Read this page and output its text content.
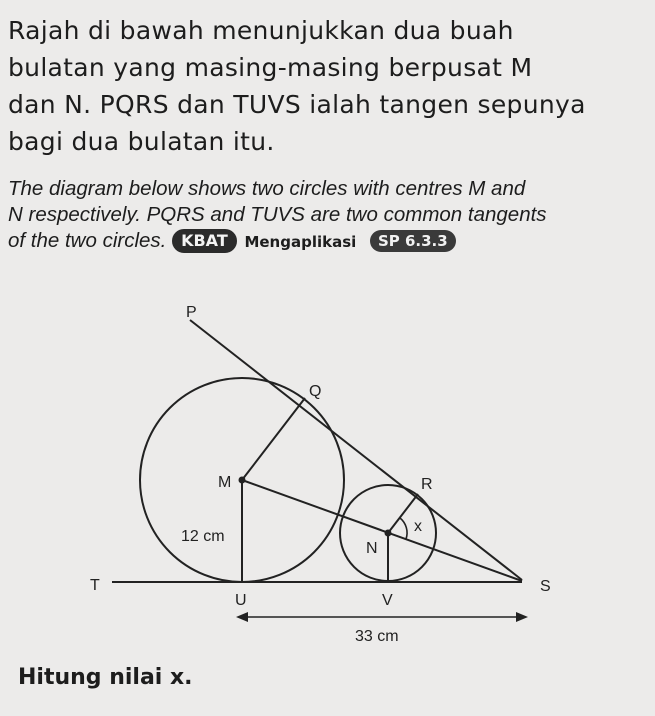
Rajah di bawah menunjukkan dua buah
bulatan yang masing-masing berpusat M
dan N. PQRS dan TUVS ialah tangen sepunya
bagi dua bulatan itu.
The diagram below shows two circles with centres M and
N respectively. PQRS and TUVS are two common tangents
of the two circles. KBAT Mengaplikasi SP 6.3.3
P
Q
R
S
T
U	V
M
N
12 cm
33 cm
x
Hitung nilai x.
